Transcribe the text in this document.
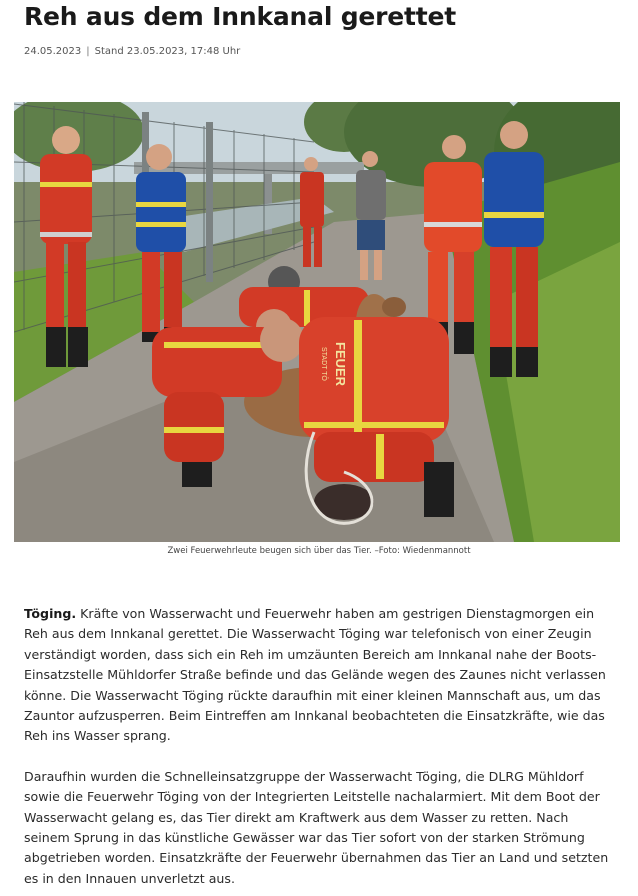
Reh aus dem Innkanal gerettet
24.05.2023 | Stand 23.05.2023, 17:48 Uhr
FEUER
STADT TÖ
Zwei Feuerwehrleute beugen sich über das Tier. –Foto: Wiedenmannott

Töging. Kräfte von Wasserwacht und Feuerwehr haben am gestrigen Dienstagmorgen ein Reh aus dem Innkanal gerettet. Die Wasserwacht Töging war telefonisch von einer Zeugin verständigt worden, dass sich ein Reh im umzäunten Bereich am Innkanal nahe der Boots-Einsatzstelle Mühldorfer Straße befinde und das Gelände wegen des Zaunes nicht verlassen könne. Die Wasserwacht Töging rückte daraufhin mit einer kleinen Mannschaft aus, um das Zauntor aufzusperren. Beim Eintreffen am Innkanal beobachteten die Einsatzkräfte, wie das Reh ins Wasser sprang.

Daraufhin wurden die Schnelleinsatzgruppe der Wasserwacht Töging, die DLRG Mühldorf sowie die Feuerwehr Töging von der Integrierten Leitstelle nachalarmiert. Mit dem Boot der Wasserwacht gelang es, das Tier direkt am Kraftwerk aus dem Wasser zu retten. Nach seinem Sprung in das künstliche Gewässer war das Tier sofort von der starken Strömung abgetrieben worden. Einsatzkräfte der Feuerwehr übernahmen das Tier an Land und setzten es in den Innauen unverletzt aus.
